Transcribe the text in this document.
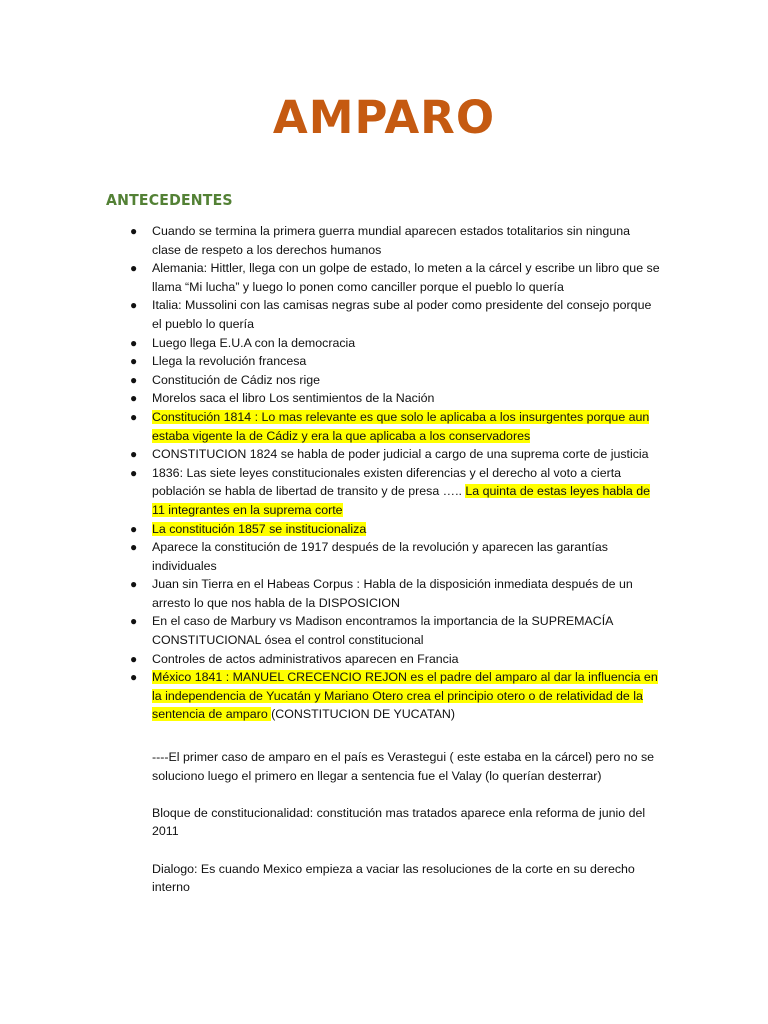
AMPARO
ANTECEDENTES
● Cuando se termina la primera guerra mundial aparecen estados totalitarios sin ninguna clase de respeto a los derechos humanos
● Alemania: Hittler, llega con un golpe de estado, lo meten a la cárcel y escribe un libro que se llama “Mi lucha” y luego lo ponen como canciller porque el pueblo lo quería
● Italia: Mussolini con las camisas negras sube al poder como presidente del consejo porque el pueblo lo quería
● Luego llega E.U.A con la democracia
● Llega la revolución francesa
● Constitución de Cádiz nos rige
● Morelos saca el libro Los sentimientos de la Nación
● Constitución 1814 : Lo mas relevante es que solo le aplicaba a los insurgentes porque aun estaba vigente la de Cádiz y era la que aplicaba a los conservadores
● CONSTITUCION 1824 se habla de poder judicial a cargo de una suprema corte de justicia
● 1836: Las siete leyes constitucionales existen diferencias y el derecho al voto a cierta población se habla de libertad de transito y de presa ….. La quinta de estas leyes habla de 11 integrantes en la suprema corte
● La constitución 1857 se institucionaliza
● Aparece la constitución de 1917 después de la revolución y aparecen las garantías individuales
● Juan sin Tierra en el Habeas Corpus : Habla de la disposición inmediata después de un arresto lo que nos habla de la DISPOSICION
● En el caso de Marbury vs Madison encontramos la importancia de la SUPREMACÍA CONSTITUCIONAL ósea el control constitucional
● Controles de actos administrativos aparecen en Francia
● México 1841 : MANUEL CRECENCIO REJON es el padre del amparo al dar la influencia en la independencia de Yucatán y Mariano Otero crea el principio otero o de relatividad de la sentencia de amparo (CONSTITUCION DE YUCATAN)

----El primer caso de amparo en el país es Verastegui ( este estaba en la cárcel) pero no se soluciono luego el primero en llegar a sentencia fue el Valay (lo querían desterrar)

Bloque de constitucionalidad: constitución mas tratados aparece enla reforma de junio del 2011

Dialogo: Es cuando Mexico empieza a vaciar las resoluciones de la corte en su derecho interno
